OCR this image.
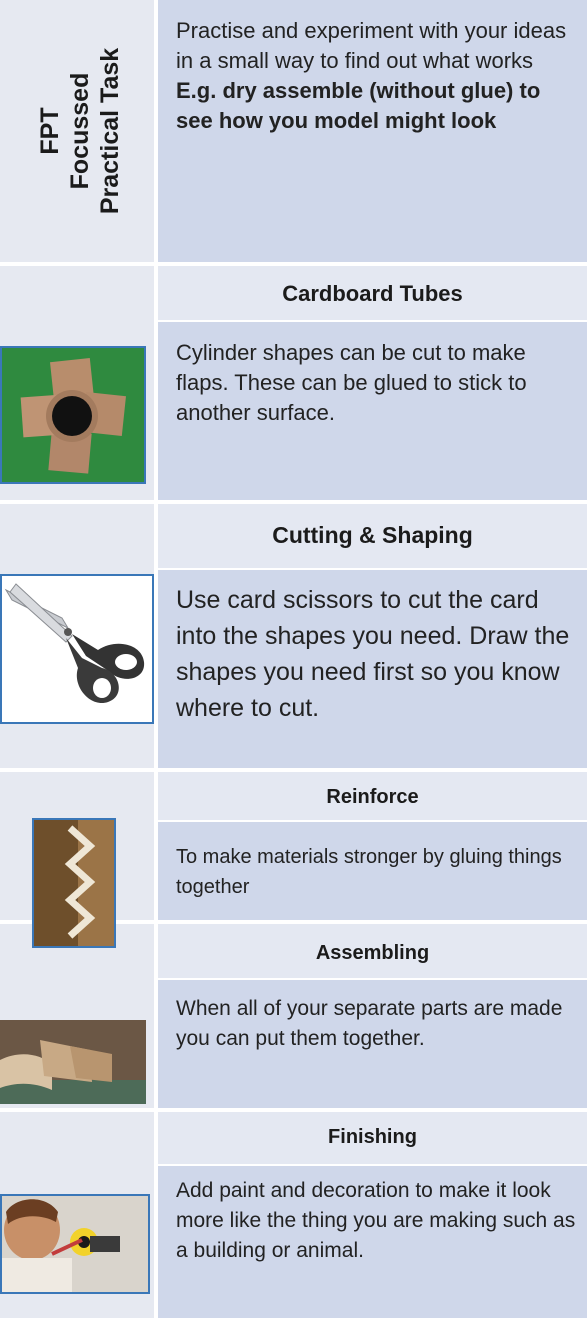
FPT Focussed Practical Task
Practise and experiment with your ideas in a small way to find out what works E.g. dry assemble (without glue) to see how you model might look
Cardboard Tubes
Cylinder shapes can be cut to make flaps. These can be glued to stick to another surface.
Cutting & Shaping
Use card scissors to cut the card into the shapes you need. Draw the shapes you need first so you know where to cut.
Reinforce
To make materials stronger by gluing things together
Assembling
When all of your separate parts are made you can put them together.
Finishing
Add paint and decoration to make it look more like the thing you are making such as a building or animal.
